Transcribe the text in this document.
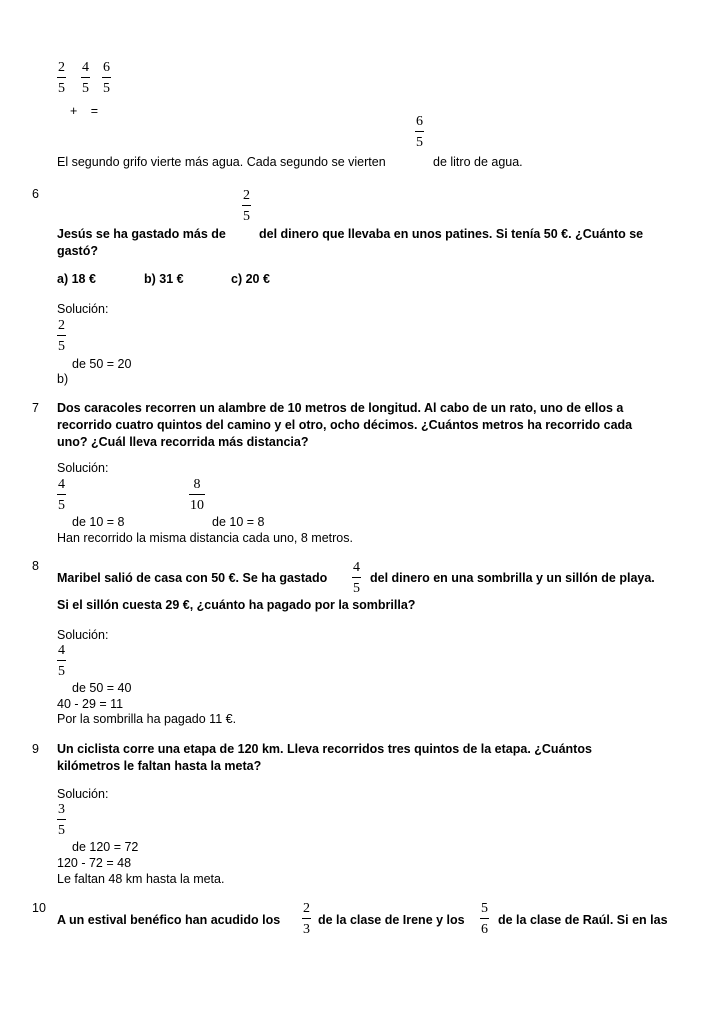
2
5
4
5
6
5
+ =
6
5
El segundo grifo vierte más agua. Cada segundo se vierten	de litro de agua.
6	2
5
Jesús se ha gastado más de	del dinero que llevaba en unos patines. Si tenía 50 €. ¿Cuánto se
gastó?
a) 18 €	b) 31 €	c) 20 €
Solución:
2
5
de 50 = 20
b)
7 Dos caracoles recorren un alambre de 10 metros de longitud. Al cabo de un rato, uno de ellos a
recorrido cuatro quintos del camino y el otro, ocho décimos. ¿Cuántos metros ha recorrido cada
uno? ¿Cuál lleva recorrida más distancia?
Solución:
4
5
8
10
de 10 = 8	de 10 = 8
Han recorrido la misma distancia cada uno, 8 metros.
8	4
5
Maribel salió de casa con 50 €. Se ha gastado	del dinero en una sombrilla y un sillón de playa.
Si el sillón cuesta 29 €, ¿cuánto ha pagado por la sombrilla?
Solución:
4
5
de 50 = 40
40 - 29 = 11
Por la sombrilla ha pagado 11 €.
9 Un ciclista corre una etapa de 120 km. Lleva recorridos tres quintos de la etapa. ¿Cuántos
kilómetros le faltan hasta la meta?
Solución:
3
5
de 120 = 72
120 - 72 = 48
Le faltan 48 km hasta la meta.
10
A un estival benéfico han acudido los
2
3
de la clase de Irene y los
5
6
de la clase de Raúl. Si en las
